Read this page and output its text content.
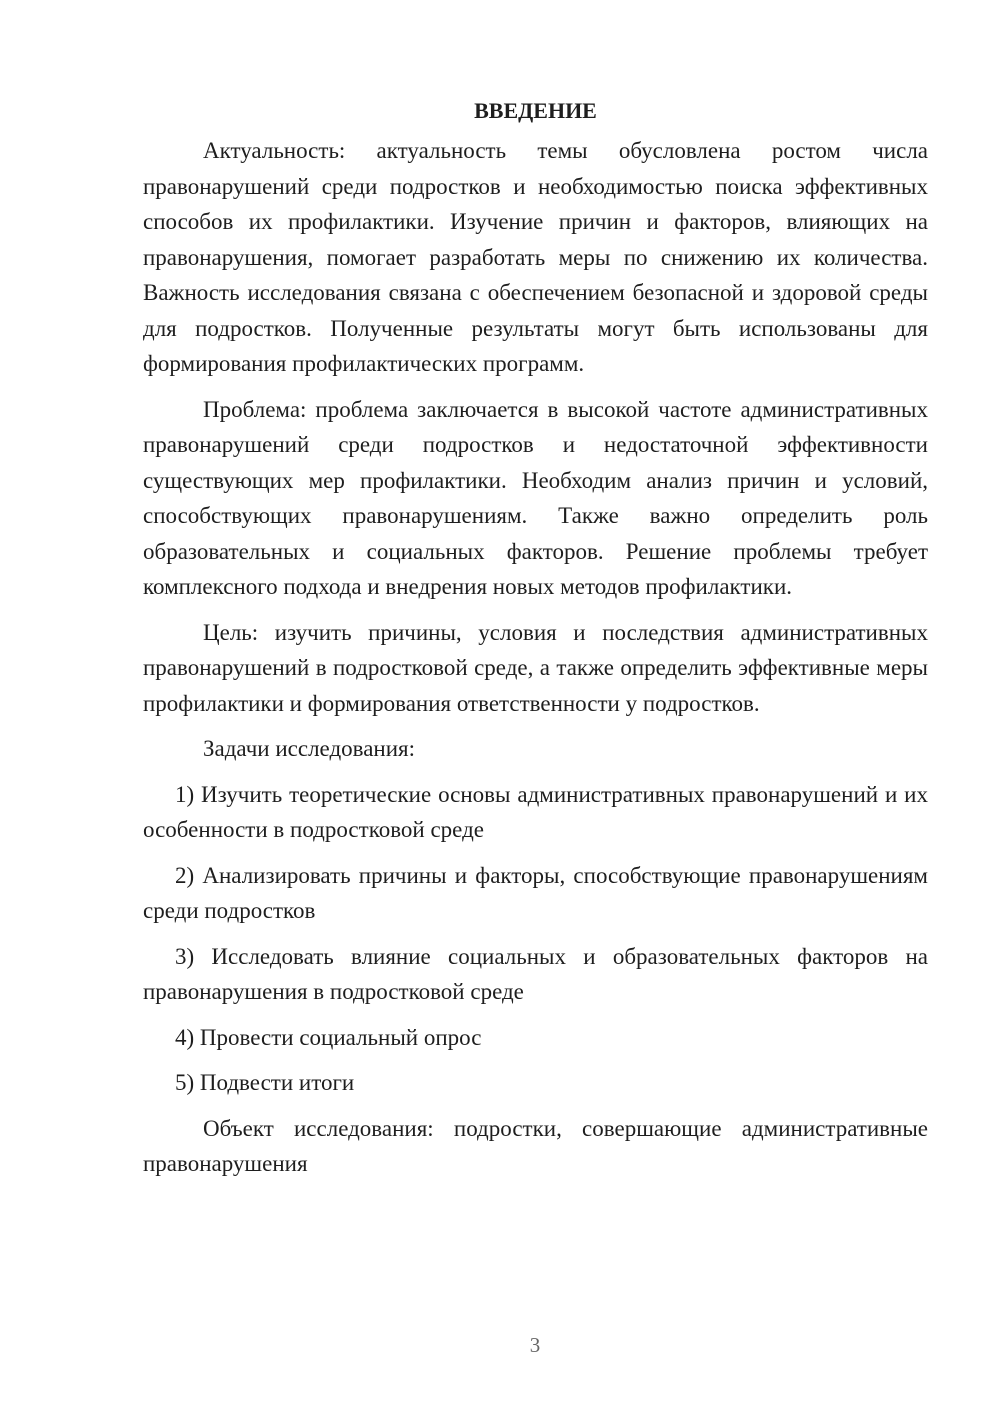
ВВЕДЕНИЕ

Актуальность: актуальность темы обусловлена ростом числа правонарушений среди подростков и необходимостью поиска эффективных способов их профилактики. Изучение причин и факторов, влияющих на правонарушения, помогает разработать меры по снижению их количества. Важность исследования связана с обеспечением безопасной и здоровой среды для подростков. Полученные результаты могут быть использованы для формирования профилактических программ.

Проблема: проблема заключается в высокой частоте административных правонарушений среди подростков и недостаточной эффективности существующих мер профилактики. Необходим анализ причин и условий, способствующих правонарушениям. Также важно определить роль образовательных и социальных факторов. Решение проблемы требует комплексного подхода и внедрения новых методов профилактики.

Цель: изучить причины, условия и последствия административных правонарушений в подростковой среде, а также определить эффективные меры профилактики и формирования ответственности у подростков.

Задачи исследования:

1) Изучить теоретические основы административных правонарушений и их особенности в подростковой среде

2) Анализировать причины и факторы, способствующие правонарушениям среди подростков

3) Исследовать влияние социальных и образовательных факторов на правонарушения в подростковой среде

4) Провести социальный опрос

5) Подвести итоги

Объект исследования: подростки, совершающие административные правонарушения

3
